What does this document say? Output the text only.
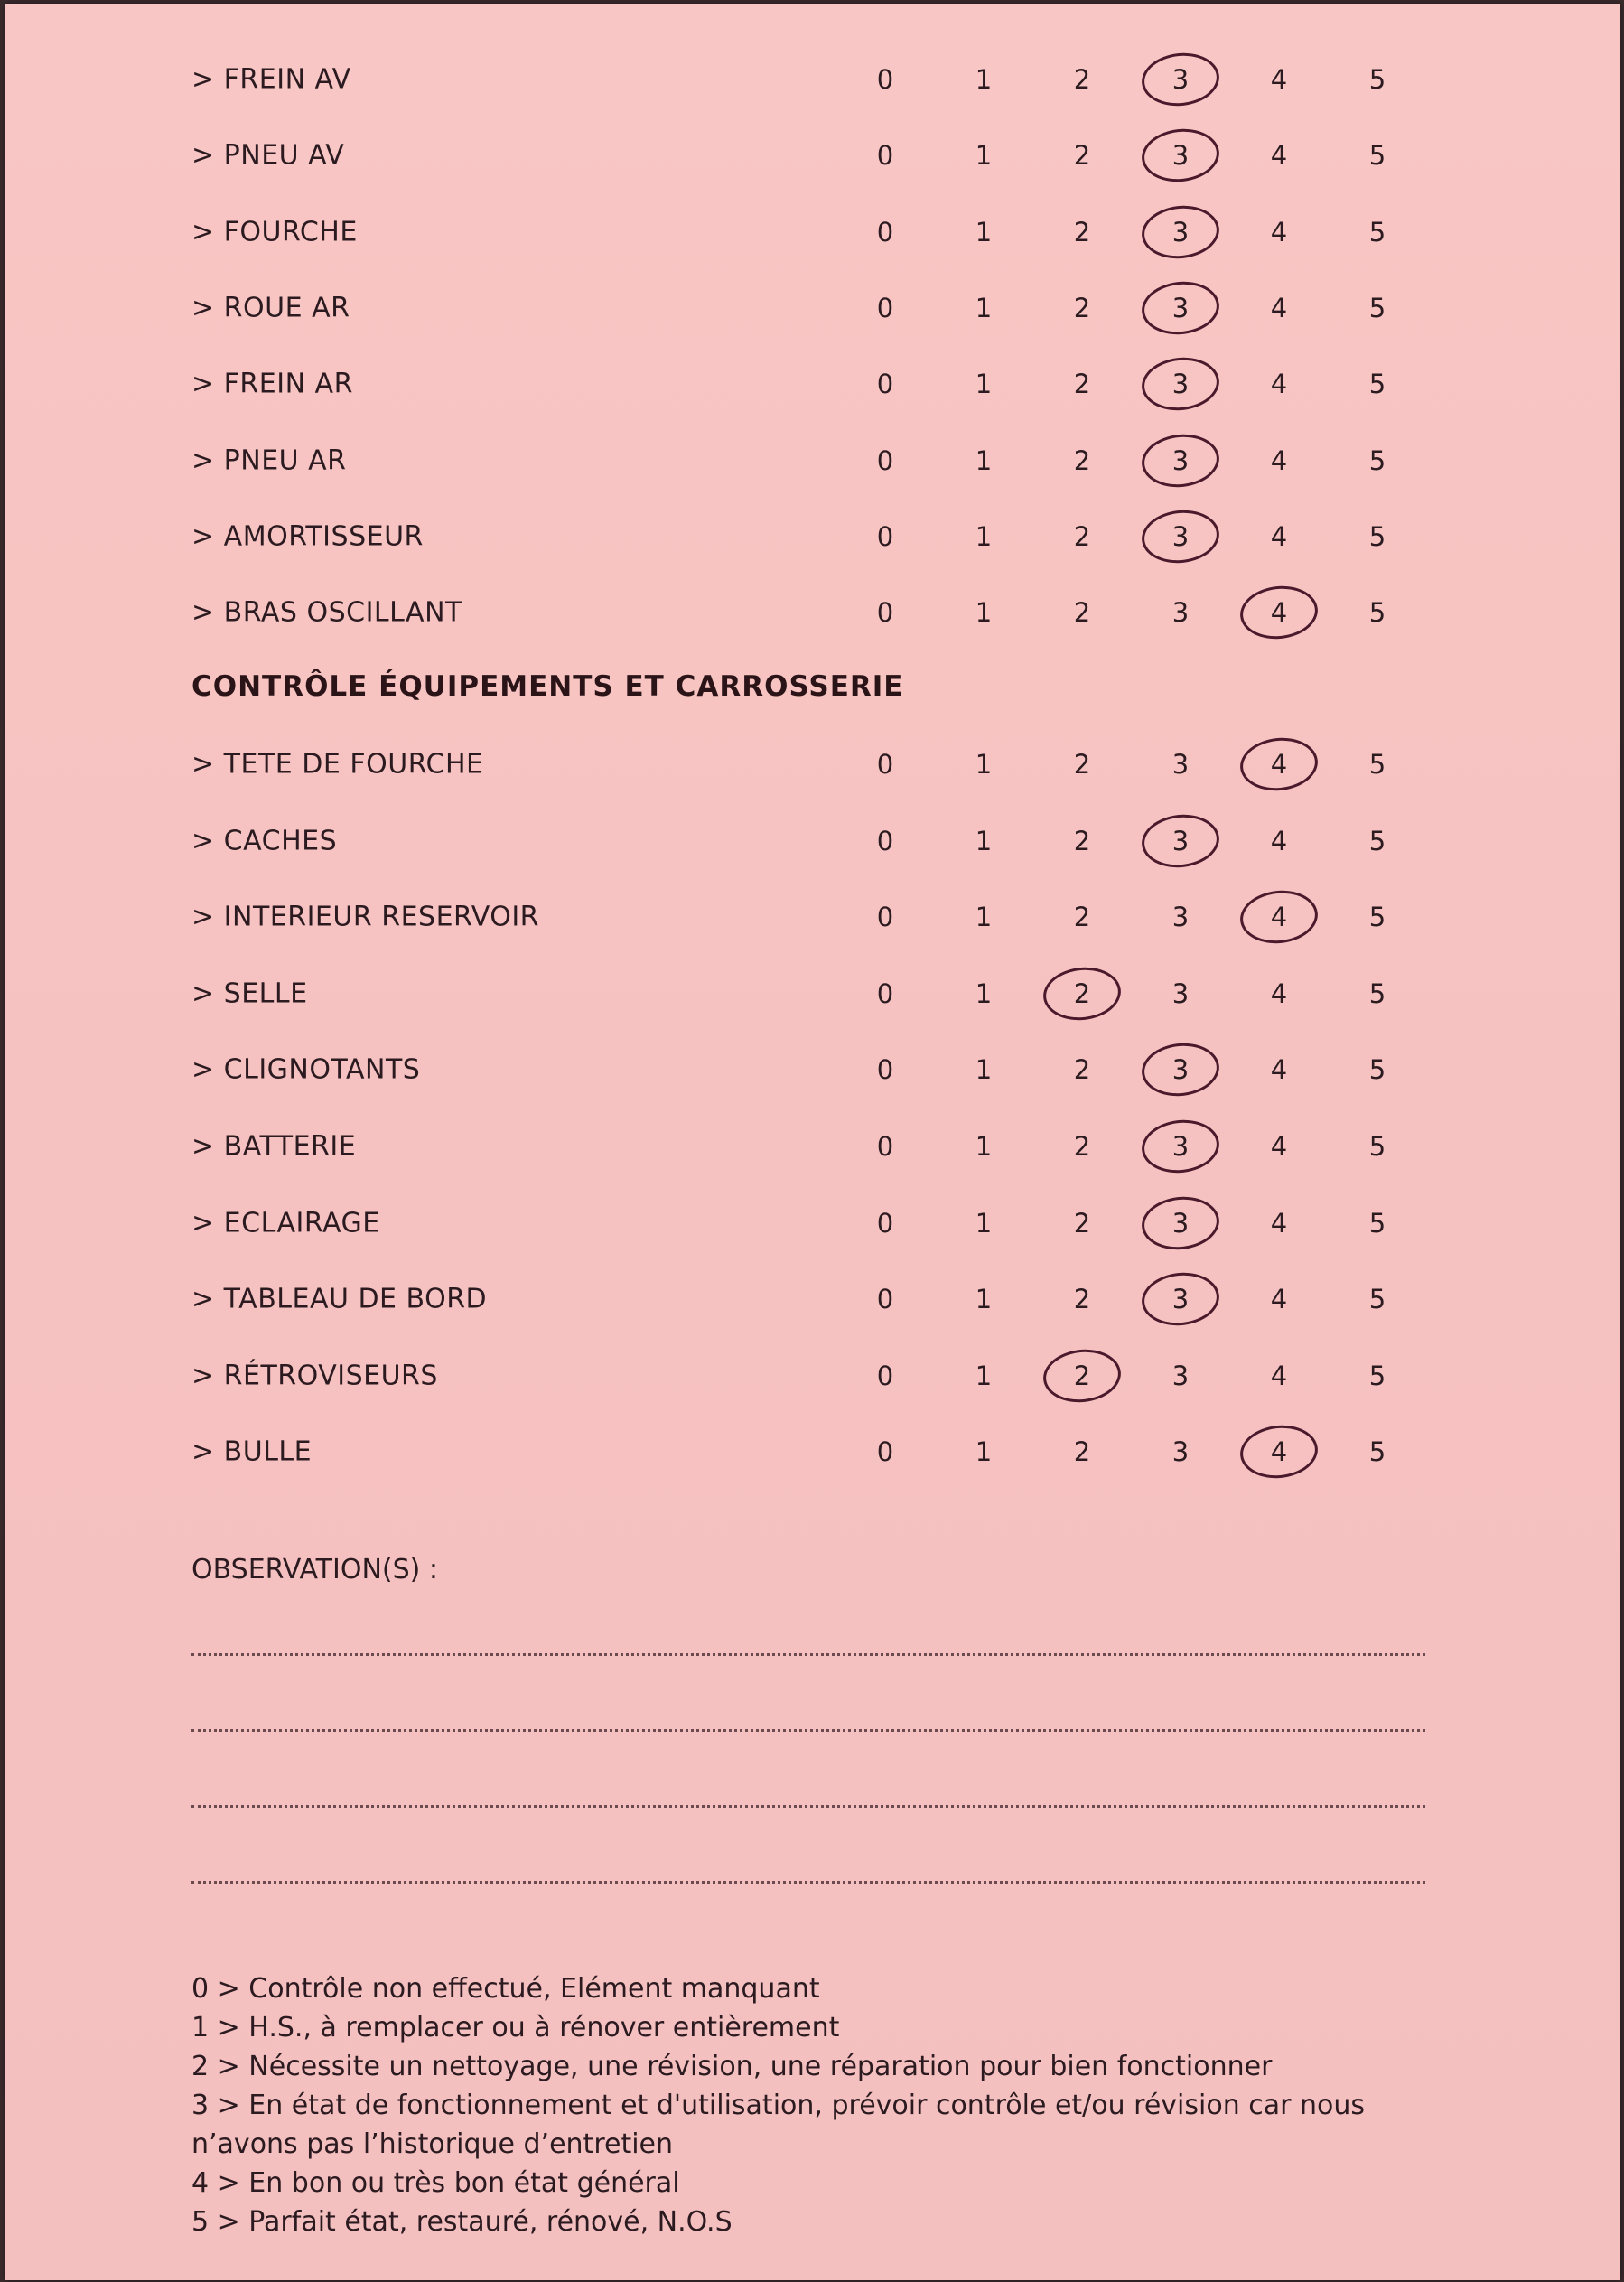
> FREIN AV	0	1	2	3	4	5
> PNEU AV	0	1	2	3	4	5
> FOURCHE	0	1	2	3	4	5
> ROUE AR	0	1	2	3	4	5
> FREIN AR	0	1	2	3	4	5
> PNEU AR	0	1	2	3	4	5
> AMORTISSEUR	0	1	2	3	4	5
> BRAS OSCILLANT	0	1	2	3	4	5
CONTRÔLE ÉQUIPEMENTS ET CARROSSERIE
> TETE DE FOURCHE	0	1	2	3	4	5
> CACHES	0	1	2	3	4	5
> INTERIEUR RESERVOIR	0	1	2	3	4	5
> SELLE	0	1	2	3	4	5
> CLIGNOTANTS	0	1	2	3	4	5
> BATTERIE	0	1	2	3	4	5
> ECLAIRAGE	0	1	2	3	4	5
> TABLEAU DE BORD	0	1	2	3	4	5
> RÉTROVISEURS	0	1	2	3	4	5
> BULLE	0	1	2	3	4	5
OBSERVATION(S) :

0 > Contrôle non effectué, Elément manquant

1 > H.S., à remplacer ou à rénover entièrement

2 > Nécessite un nettoyage, une révision, une réparation pour bien fonctionner

3 > En état de fonctionnement et d'utilisation, prévoir contrôle et/ou révision car nous

n’avons pas l’historique d’entretien

4 > En bon ou très bon état général

5 > Parfait état, restauré, rénové, N.O.S
